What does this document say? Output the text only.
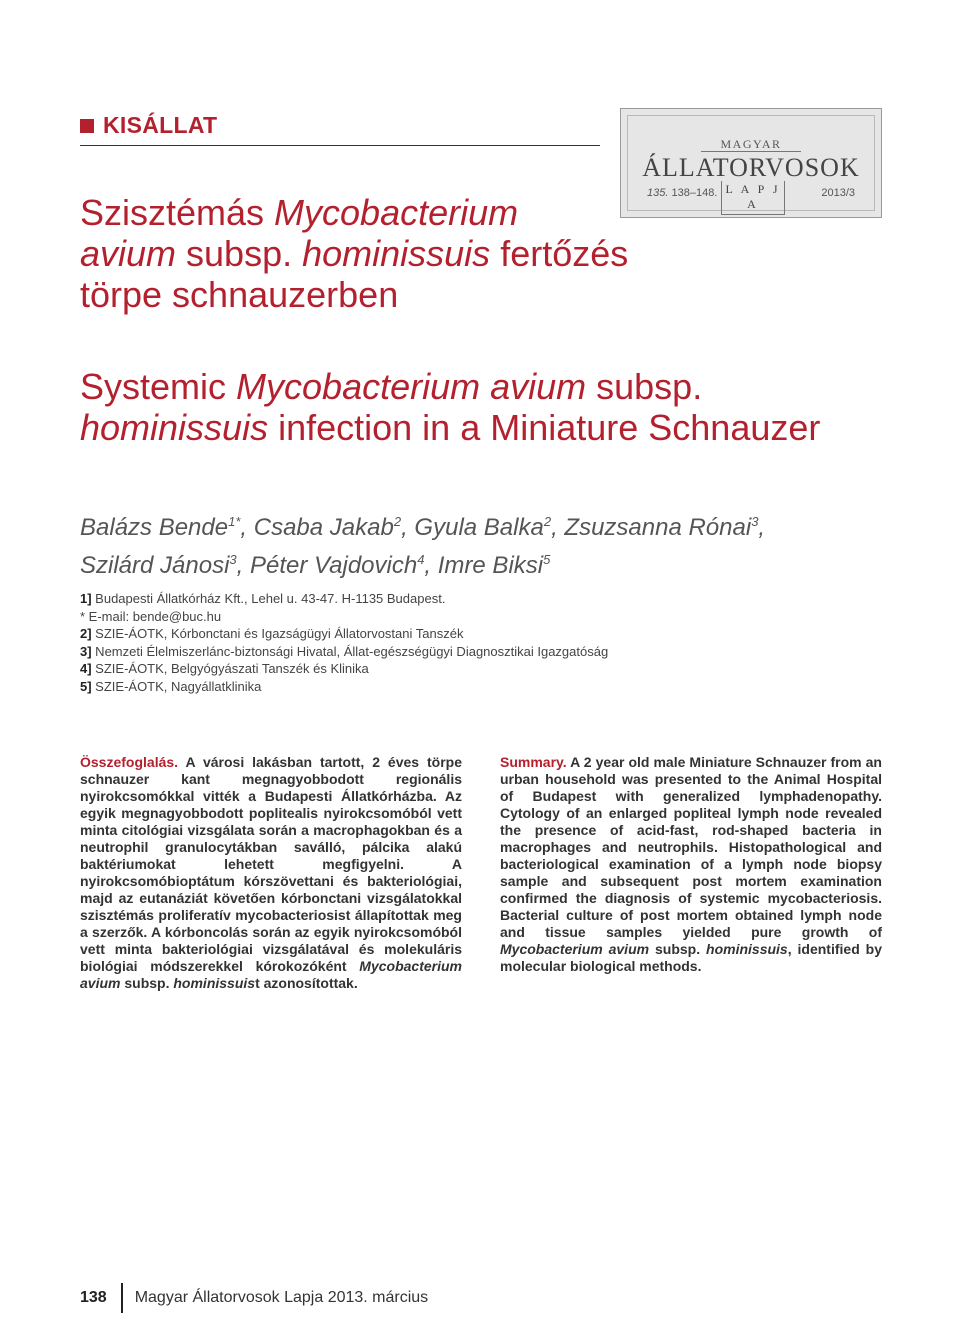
KISÁLLAT
MAGYAR
ÁLLATORVOSOK
135. 138–148. L A P J A
2013/3
Szisztémás Mycobacterium
avium subsp. hominissuis fertőzés
törpe schnauzerben
Systemic Mycobacterium avium subsp.
hominissuis infection in a Miniature Schnauzer
Balázs Bende$^{1*}$, Csaba Jakab$^2$, Gyula Balka$^2$, Zsuzsanna Rónai$^3$,
Szilárd Jánosi$^3$, Péter Vajdovich$^4$, Imre Biksi$^5$
1] Budapesti Állatkórház Kft., Lehel u. 43-47. H-1135 Budapest.
* E-mail: bende@buc.hu
2] SZIE-ÁOTK, Kórbonctani és Igazságügyi Állatorvostani Tanszék
3] Nemzeti Élelmiszerlánc-biztonsági Hivatal, Állat-egészségügyi Diagnosztikai Igazgatóság
4] SZIE-ÁOTK, Belgyógyászati Tanszék és Klinika
5] SZIE-ÁOTK, Nagyállatklinika
Összefoglalás. A városi lakásban tartott, 2 éves törpe schnauzer kant megnagyobbodott regionális nyirokcsomókkal vitték a Budapesti Állatkórházba. Az egyik megnagyobbodott poplitealis nyirokcsomóból vett minta citológiai vizsgálata során a macrophagokban és a neutrophil granulocytákban saválló, pálcika alakú baktériumokat lehetett megfigyelni. A nyirokcsomóbioptátum kórszövettani és bakteriológiai, majd az eutanáziát követően kórbonctani vizsgálatokkal szisztémás proliferatív mycobacteriosist állapítottak meg a szerzők. A kórboncolás során az egyik nyirokcsomóból vett minta bakteriológiai vizsgálatával és molekuláris biológiai módszerekkel kórokozóként Mycobacterium avium subsp. hominissuist azonosítottak.
Summary. A 2 year old male Miniature Schnauzer from an urban household was presented to the Animal Hospital of Budapest with generalized lymphadenopathy. Cytology of an enlarged popliteal lymph node revealed the presence of acid-fast, rod-shaped bacteria in macrophages and neutrophils. Histopathological and bacteriological examination of a lymph node biopsy sample and subsequent post mortem examination confirmed the diagnosis of systemic mycobacteriosis. Bacterial culture of post mortem obtained lymph node and tissue samples yielded pure growth of Mycobacterium avium subsp. hominissuis, identified by molecular biological methods.
138 Magyar Állatorvosok Lapja 2013. március
